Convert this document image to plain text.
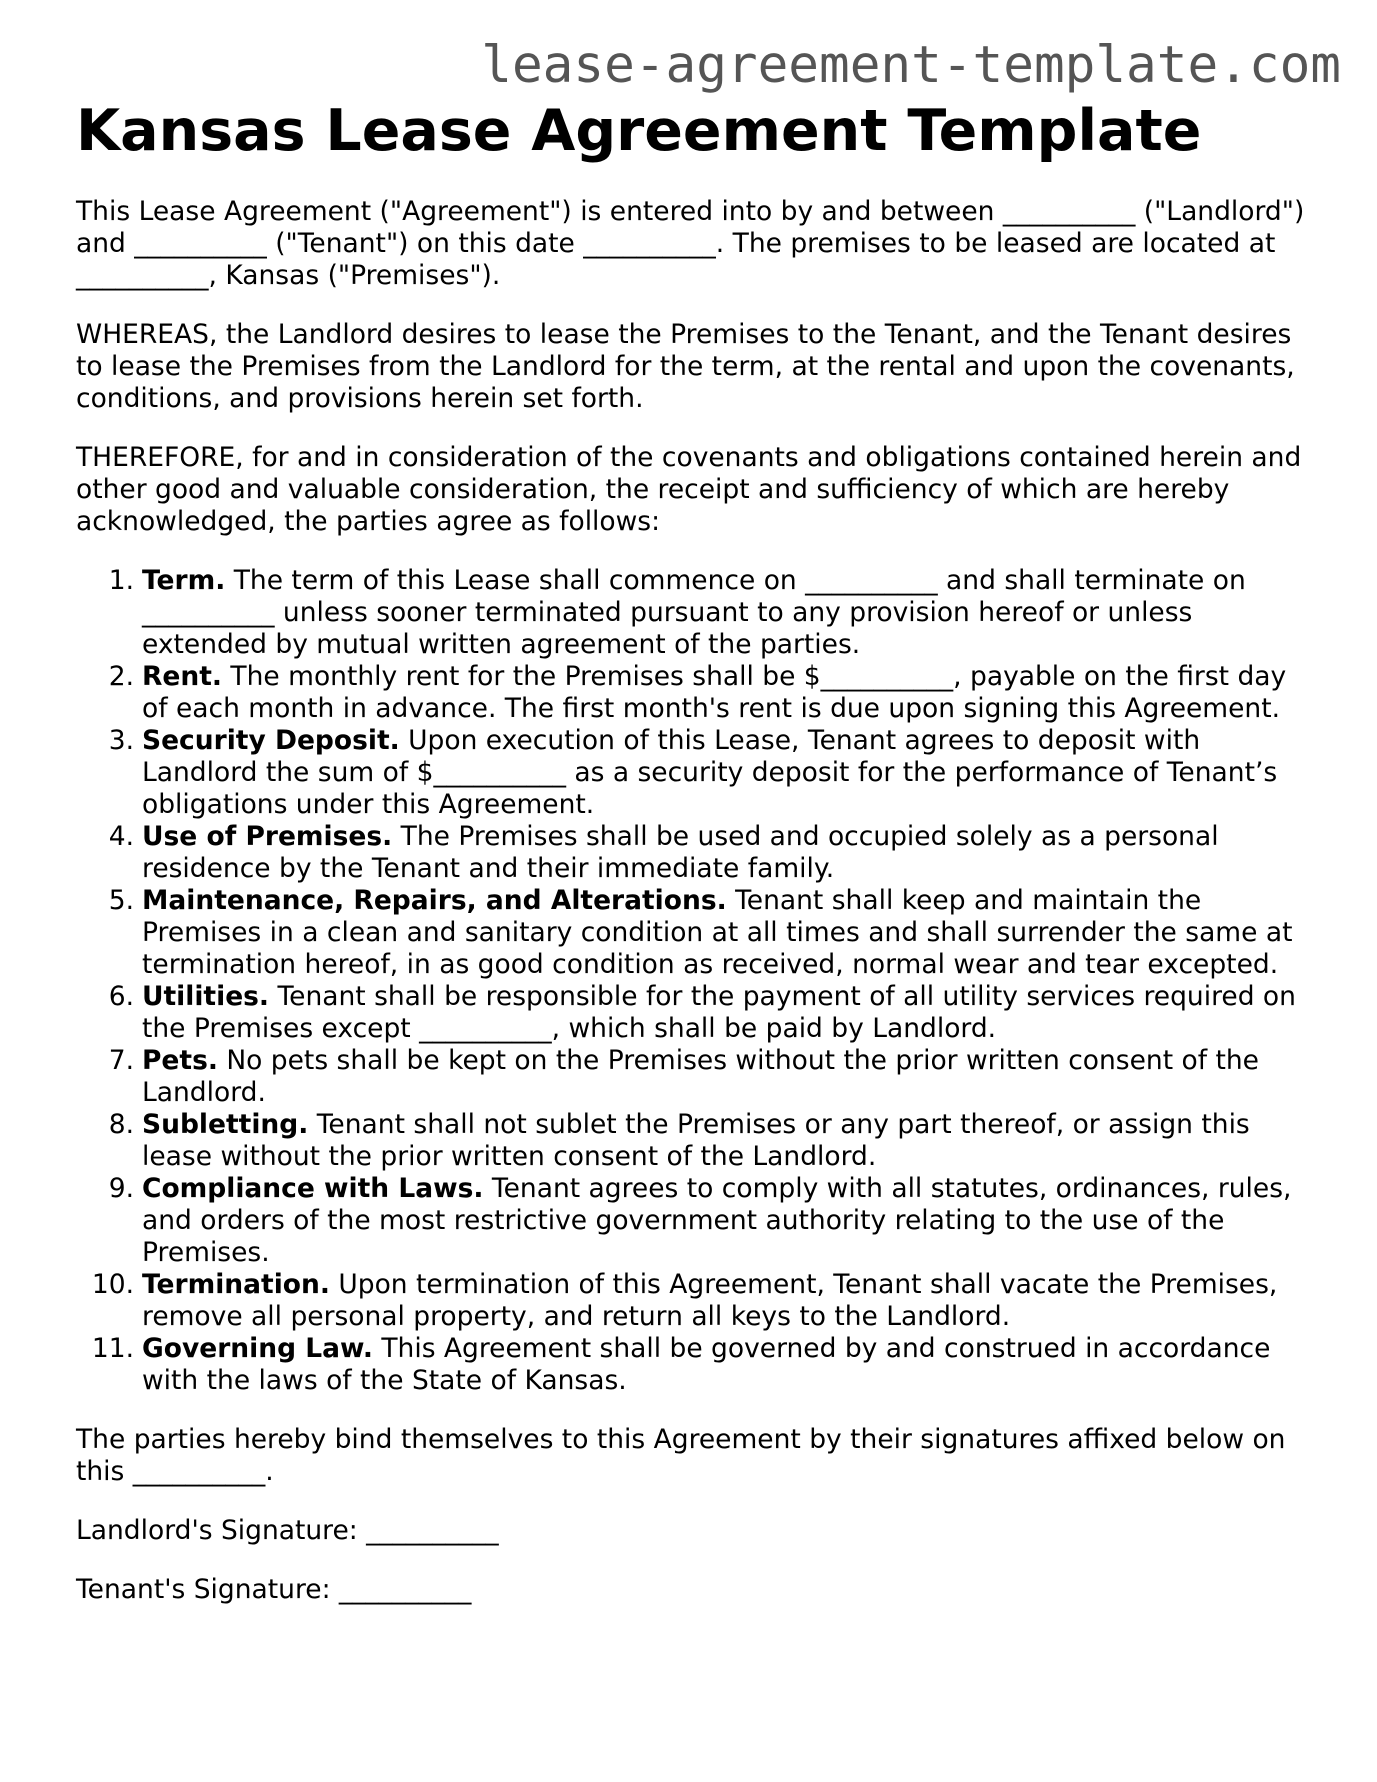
lease-agreement-template.com
Kansas Lease Agreement Template

This Lease Agreement ("Agreement") is entered into by and between __________ ("Landlord") and __________ ("Tenant") on this date __________. The premises to be leased are located at __________, Kansas ("Premises").

WHEREAS, the Landlord desires to lease the Premises to the Tenant, and the Tenant desires to lease the Premises from the Landlord for the term, at the rental and upon the covenants, conditions, and provisions herein set forth.

THEREFORE, for and in consideration of the covenants and obligations contained herein and other good and valuable consideration, the receipt and sufficiency of which are hereby acknowledged, the parties agree as follows:

1. Term. The term of this Lease shall commence on __________ and shall terminate on __________ unless sooner terminated pursuant to any provision hereof or unless extended by mutual written agreement of the parties.
2. Rent. The monthly rent for the Premises shall be $__________, payable on the first day of each month in advance. The first month's rent is due upon signing this Agreement.
3. Security Deposit. Upon execution of this Lease, Tenant agrees to deposit with Landlord the sum of $__________ as a security deposit for the performance of Tenant’s obligations under this Agreement.
4. Use of Premises. The Premises shall be used and occupied solely as a personal residence by the Tenant and their immediate family.
5. Maintenance, Repairs, and Alterations. Tenant shall keep and maintain the Premises in a clean and sanitary condition at all times and shall surrender the same at termination hereof, in as good condition as received, normal wear and tear excepted.
6. Utilities. Tenant shall be responsible for the payment of all utility services required on the Premises except __________, which shall be paid by Landlord.
7. Pets. No pets shall be kept on the Premises without the prior written consent of the Landlord.
8. Subletting. Tenant shall not sublet the Premises or any part thereof, or assign this lease without the prior written consent of the Landlord.
9. Compliance with Laws. Tenant agrees to comply with all statutes, ordinances, rules, and orders of the most restrictive government authority relating to the use of the Premises.
10. Termination. Upon termination of this Agreement, Tenant shall vacate the Premises, remove all personal property, and return all keys to the Landlord.
11. Governing Law. This Agreement shall be governed by and construed in accordance with the laws of the State of Kansas.

The parties hereby bind themselves to this Agreement by their signatures affixed below on this __________.

Landlord's Signature: __________

Tenant's Signature: __________
